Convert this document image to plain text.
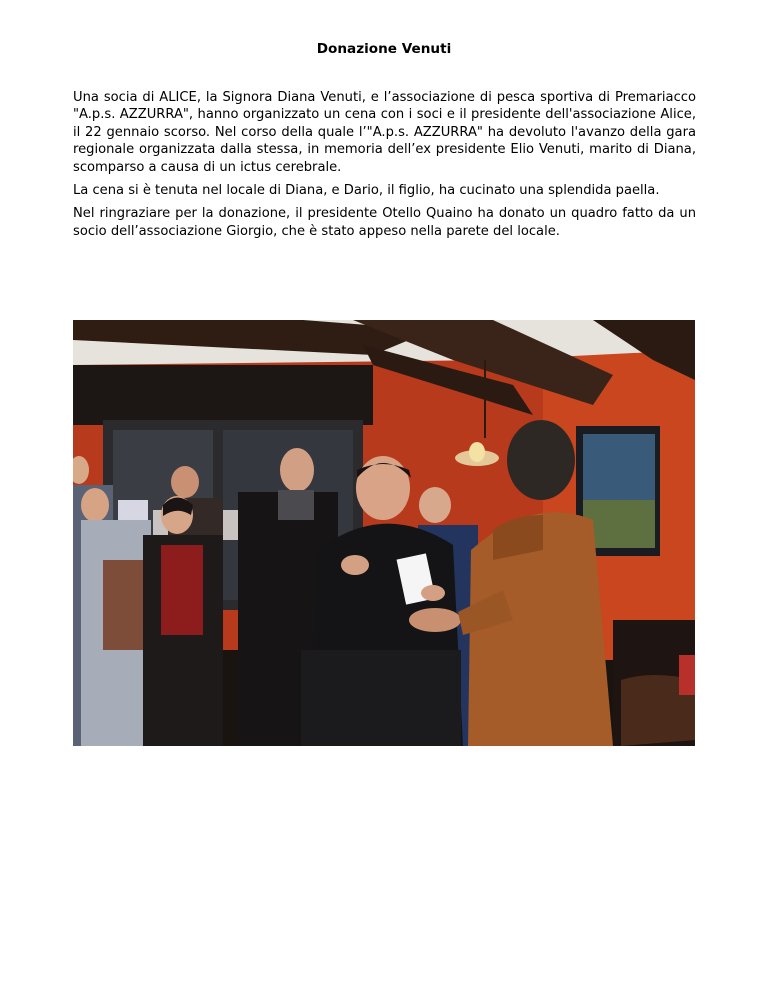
Donazione Venuti

Una socia di ALICE, la Signora Diana Venuti, e l’associazione di pesca sportiva di Premariacco "A.p.s. AZZURRA", hanno organizzato un cena con i soci e il presidente dell'associazione Alice, il 22 gennaio scorso. Nel corso della quale l’"A.p.s. AZZURRA" ha devoluto l'avanzo della gara regionale organizzata dalla stessa, in memoria dell’ex presidente Elio Venuti, marito di Diana, scomparso a causa di un ictus cerebrale.

La cena si è tenuta nel locale di Diana, e Dario, il figlio, ha cucinato una splendida paella.

Nel ringraziare per la donazione, il presidente Otello Quaino ha donato un quadro fatto da un socio dell’associazione Giorgio, che è stato appeso nella parete del locale.
